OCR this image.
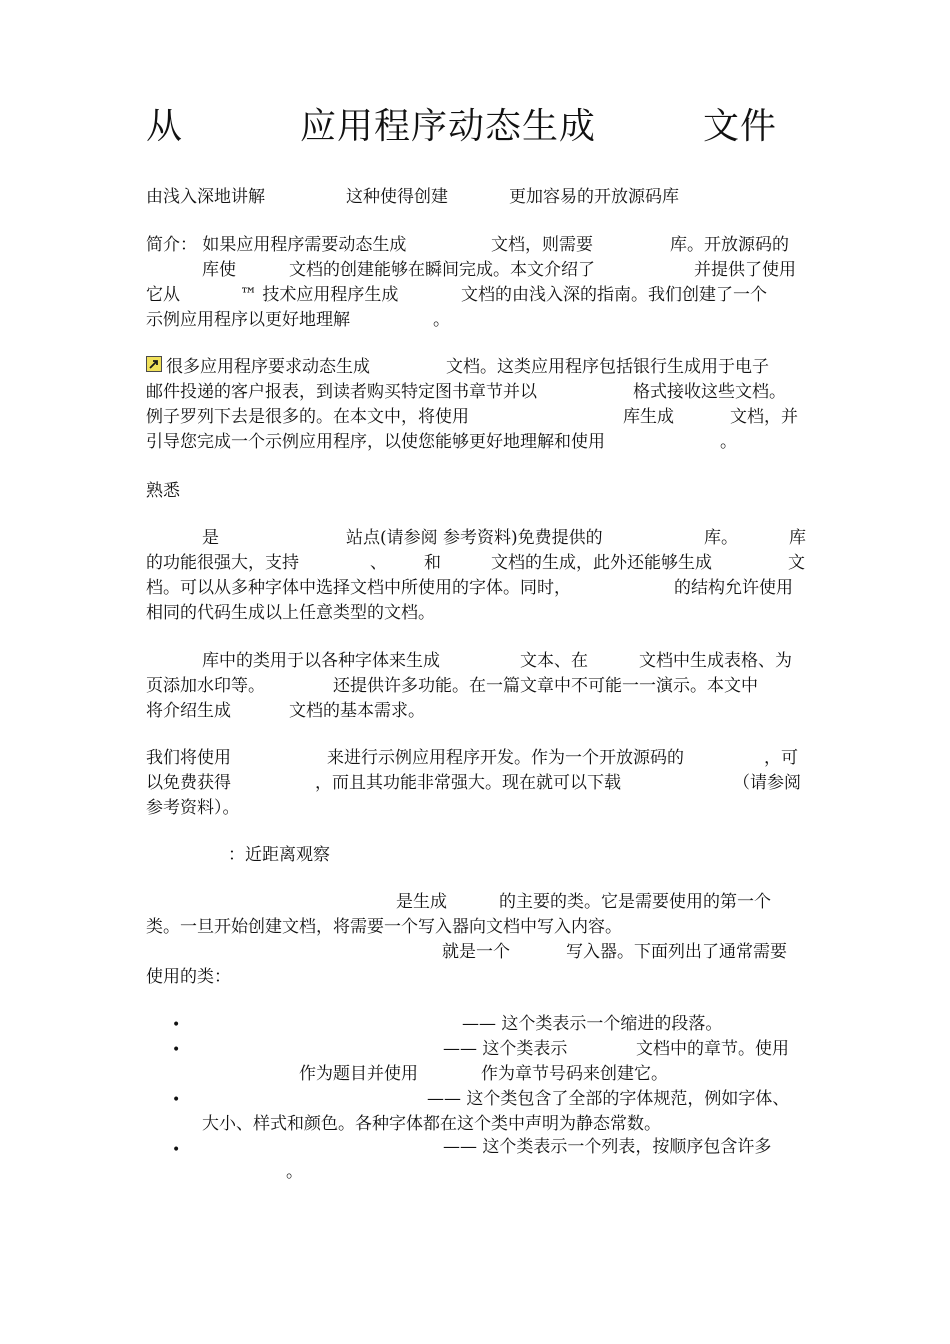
从	应用程序动态生成	文件
由浅入深地讲解	这种使得创建	更加容易的开放源码库
简介： 如果应用程序需要动态生成	文档，则需要	库。开放源码的
库使	文档的创建能够在瞬间完成。本文介绍了	并提供了使用
它从	™ 技术应用程序生成	文档的由浅入深的指南。我们创建了一个
示例应用程序以更好地理解	。
很多应用程序要求动态生成	文档。这类应用程序包括银行生成用于电子
邮件投递的客户报表，到读者购买特定图书章节并以	格式接收这些文档。
例子罗列下去是很多的。在本文中，将使用	库生成	文档，并
引导您完成一个示例应用程序，以使您能够更好地理解和使用	。
熟悉
是	站点(请参阅 参考资料)免费提供的	库。	库
的功能很强大，支持	、 和	文档的生成，此外还能够生成	文
档。可以从多种字体中选择文档中所使用的字体。同时，	的结构允许使用
相同的代码生成以上任意类型的文档。
库中的类用于以各种字体来生成	文本、在	文档中生成表格、为
页添加水印等。	还提供许多功能。在一篇文章中不可能一一演示。本文中
将介绍生成	文档的基本需求。
我们将使用	来进行示例应用程序开发。作为一个开放源码的	，可
以免费获得	，而且其功能非常强大。现在就可以下载	（请参阅
参考资料）。
：近距离观察
是生成	的主要的类。它是需要使用的第一个
类。一旦开始创建文档，将需要一个写入器向文档中写入内容。
就是一个	写入器。下面列出了通常需要
使用的类：
•	—— 这个类表示一个缩进的段落。
•	—— 这个类表示	文档中的章节。使用
作为题目并使用	作为章节号码来创建它。
•	—— 这个类包含了全部的字体规范，例如字体、
大小、样式和颜色。各种字体都在这个类中声明为静态常数。
•	—— 这个类表示一个列表，按顺序包含许多
。
